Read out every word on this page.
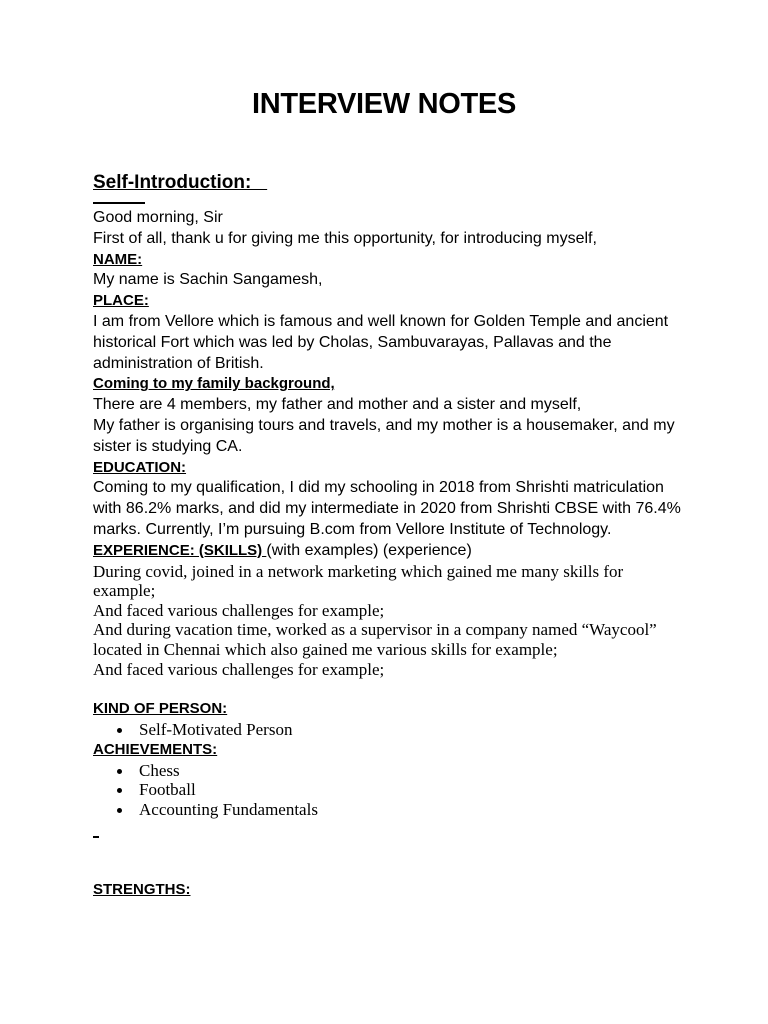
INTERVIEW NOTES
Self-Introduction:
Good morning, Sir
First of all, thank u for giving me this opportunity, for introducing myself,
NAME:
My name is Sachin Sangamesh,
PLACE:
I am from Vellore which is famous and well known for Golden Temple and ancient historical Fort which was led by Cholas, Sambuvarayas, Pallavas and the administration of British.
Coming to my family background,
There are 4 members, my father and mother and a sister and myself,
My father is organising tours and travels, and my mother is a housemaker, and my sister is studying CA.
EDUCATION:
Coming to my qualification, I did my schooling in 2018 from Shrishti matriculation with 86.2% marks, and did my intermediate in 2020 from Shrishti CBSE with 76.4% marks. Currently, I’m pursuing B.com from Vellore Institute of Technology.
EXPERIENCE: (SKILLS) (with examples) (experience)
During covid, joined in a network marketing which gained me many skills for example;
And faced various challenges for example;
And during vacation time, worked as a supervisor in a company named “Waycool” located in Chennai which also gained me various skills for example;
And faced various challenges for example;
KIND OF PERSON:
Self-Motivated Person
ACHIEVEMENTS:
Chess
Football
Accounting Fundamentals
STRENGTHS:
